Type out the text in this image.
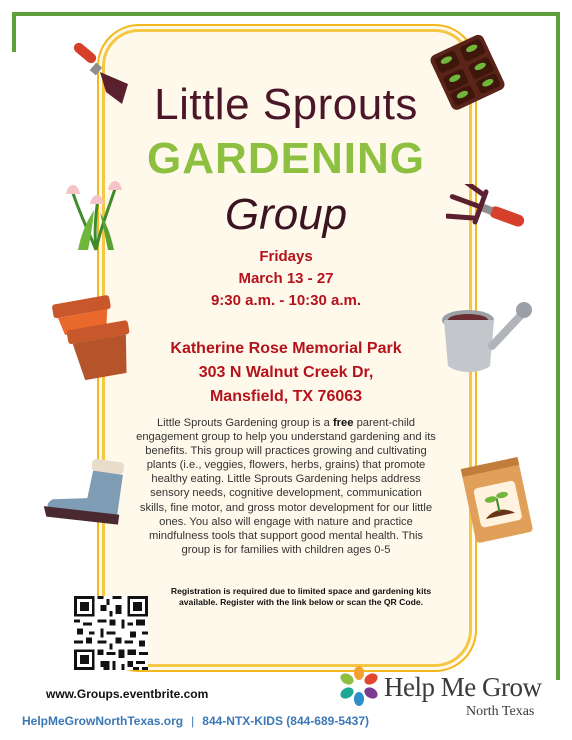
Little Sprouts
GARDENING
Group
Fridays
March 13 - 27
9:30 a.m. - 10:30 a.m.
Katherine Rose Memorial Park
303 N Walnut Creek Dr,
Mansfield, TX 76063
Little Sprouts Gardening group is a free parent-child engagement group to help you understand gardening and its benefits. This group will practices growing and cultivating plants (i.e., veggies, flowers, herbs, grains) that promote healthy eating. Little Sprouts Gardening helps address sensory needs, cognitive development, communication skills, fine motor, and gross motor development for our little ones. You also will engage with nature and practice mindfulness tools that support good mental health. This group is for families with children ages 0-5
Registration is required due to limited space and gardening kits available. Register with the link below or scan the QR Code.
www.Groups.eventbrite.com	Help Me Grow
North Texas
HelpMeGrowNorthTexas.org | 844-NTX-KIDS (844-689-5437)
